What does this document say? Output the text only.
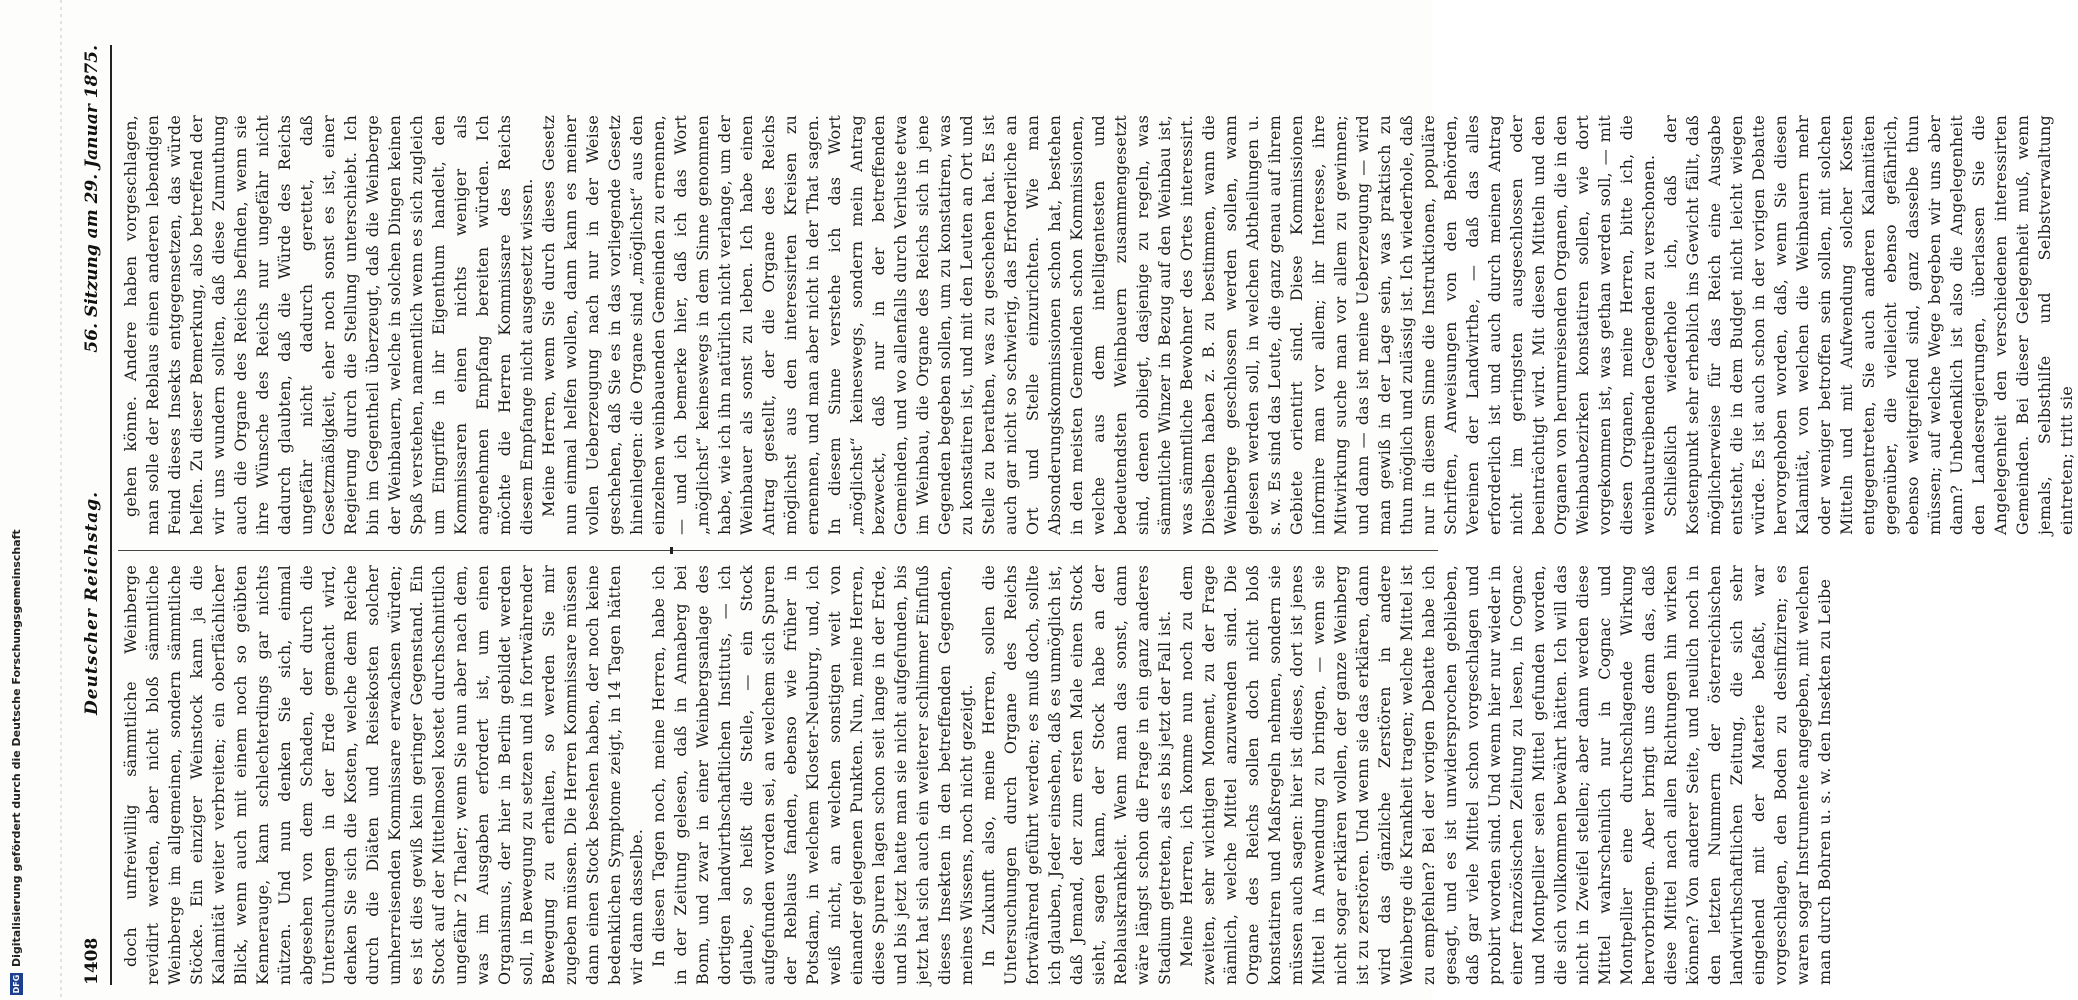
1408
Deutscher Reichstag.
56. Sitzung am 29. Januar 1875.

doch unfreiwillig sämmtliche Weinberge revidirt werden, aber nicht bloß sämmtliche Weinberge im allgemeinen, sondern sämmtliche Stöcke. Ein einziger Weinstock kann ja die Kalamität weiter verbreiten; ein oberflächlicher Blick, wenn auch mit einem noch so geübten Kennerauge, kann schlechterdings gar nichts nützen. Und nun denken Sie sich, einmal abgesehen von dem Schaden, der durch die Untersuchungen in der Erde gemacht wird, denken Sie sich die Kosten, welche dem Reiche durch die Diäten und Reisekosten solcher umherreisenden Kommissare erwachsen würden; es ist dies gewiß kein geringer Gegenstand. Ein Stock auf der Mittelmosel kostet durchschnittlich ungefähr 2 Thaler; wenn Sie nun aber nach dem, was im Ausgaben erfordert ist, um einen Organismus, der hier in Berlin gebildet werden soll, in Bewegung zu setzen und in fortwährender Bewegung zu erhalten, so werden Sie mir zugeben müssen. Die Herren Kommissare müssen dann einen Stock besehen haben, der noch keine bedenklichen Symptome zeigt, in 14 Tagen hätten wir dann dasselbe. In diesen Tagen noch, meine Herren, habe ich in der Zeitung gelesen, daß in Annaberg bei Bonn, und zwar in einer Weinbergsanlage des dortigen landwirthschaftlichen Instituts, — ich glaube, so heißt die Stelle, — ein Stock aufgefunden worden sei, an welchem sich Spuren der Reblaus fanden, ebenso wie früher in Potsdam, in welchem Kloster-Neuburg, und, ich weiß nicht, an welchen sonstigen weit von einander gelegenen Punkten. Nun, meine Herren, diese Spuren lagen schon seit lange in der Erde, und bis jetzt hatte man sie nicht aufgefunden, bis jetzt hat sich auch ein weiterer schlimmer Einfluß dieses Insekten in den betreffenden Gegenden, meines Wissens, noch nicht gezeigt. In Zukunft also, meine Herren, sollen die Untersuchungen durch Organe des Reichs fortwährend geführt werden; es muß doch, sollte ich glauben, Jeder einsehen, daß es unmöglich ist, daß Jemand, der zum ersten Male einen Stock sieht, sagen kann, der Stock habe an der Reblauskrankheit. Wenn man das sonst, dann wäre längst schon die Frage in ein ganz anderes Stadium getreten, als es bis jetzt der Fall ist. Meine Herren, ich komme nun noch zu dem zweiten, sehr wichtigen Moment, zu der Frage nämlich, welche Mittel anzuwenden sind. Die Organe des Reichs sollen doch nicht bloß konstatiren und Maßregeln nehmen, sondern sie müssen auch sagen: hier ist dieses, dort ist jenes Mittel in Anwendung zu bringen, — wenn sie nicht sogar erklären wollen, der ganze Weinberg ist zu zerstören. Und wenn sie das erklären, dann wird das gänzliche Zerstören in andere Weinberge die Krankheit tragen; welche Mittel ist zu empfehlen? Bei der vorigen Debatte habe ich gesagt, und es ist unwidersprochen geblieben, daß gar viele Mittel schon vorgeschlagen und probirt worden sind. Und wenn hier nur wieder in einer französischen Zeitung zu lesen, in Cognac und Montpellier seien Mittel gefunden worden, die sich vollkommen bewährt hätten. Ich will das nicht in Zweifel stellen; aber dann werden diese Mittel wahrscheinlich nur in Cognac und Montpellier eine durchschlagende Wirkung hervorbringen. Aber bringt uns denn das, daß diese Mittel nach allen Richtungen hin wirken können? Von anderer Seite, und neulich noch in den letzten Nummern der österreichischen landwirthschaftlichen Zeitung, die sich sehr eingehend mit der Materie befaßt, war vorgeschlagen, den Boden zu desinfiziren; es waren sogar Instrumente angegeben, mit welchen man durch Bohren u. s. w. den Insekten zu Leibe

gehen könne. Andere haben vorgeschlagen, man solle der Reblaus einen anderen lebendigen Feind dieses Insekts entgegensetzen, das würde helfen. Zu dieser Bemerkung, also betreffend der wir uns wundern sollten, daß diese Zumuthung auch die Organe des Reichs befinden, wenn sie ihre Wünsche des Reichs nur ungefähr nicht dadurch glaubten, daß die Würde des Reichs ungefähr nicht dadurch gerettet, daß Gesetzmäßigkeit, eher noch sonst es ist, einer Regierung durch die Stellung unterschiebt. Ich bin im Gegentheil überzeugt, daß die Weinberge der Weinbauern, welche in solchen Dingen keinen Spaß verstehen, namentlich wenn es sich zugleich um Eingriffe in ihr Eigenthum handelt, den Kommissaren einen nichts weniger als angenehmen Empfang bereiten würden. Ich möchte die Herren Kommissare des Reichs diesem Empfange nicht ausgesetzt wissen. Meine Herren, wenn Sie durch dieses Gesetz nun einmal helfen wollen, dann kann es meiner vollen Ueberzeugung nach nur in der Weise geschehen, daß Sie es in das vorliegende Gesetz hineinlegen: die Organe sind „möglichst“ aus den einzelnen weinbauenden Gemeinden zu ernennen, — und ich bemerke hier, daß ich das Wort „möglichst“ keineswegs in dem Sinne genommen habe, wie ich ihn natürlich nicht verlange, um der Weinbauer als sonst zu leben. Ich habe einen Antrag gestellt, der die Organe des Reichs möglichst aus den interessirten Kreisen zu ernennen, und man aber nicht in der That sagen. In diesem Sinne verstehe ich das Wort „möglichst“ keineswegs, sondern mein Antrag bezweckt, daß nur in der betreffenden Gemeinden, und wo allenfalls durch Verluste etwa im Weinbau, die Organe des Reichs sich in jene Gegenden begeben sollen, um zu konstatiren, was zu konstatiren ist, und mit den Leuten an Ort und Stelle zu berathen, was zu geschehen hat. Es ist auch gar nicht so schwierig, das Erforderliche an Ort und Stelle einzurichten. Wie man Absonderungskommissionen schon hat, bestehen in den meisten Gemeinden schon Kommissionen, welche aus dem intelligentesten und bedeutendsten Weinbauern zusammengesetzt sind, denen obliegt, dasjenige zu regeln, was sämmtliche Winzer in Bezug auf den Weinbau ist, was sämmtliche Bewohner des Ortes interessirt. Dieselben haben z. B. zu bestimmen, wann die Weinberge geschlossen werden sollen, wann gelesen werden soll, in welchen Abtheilungen u. s. w. Es sind das Leute, die ganz genau auf ihrem Gebiete orientirt sind. Diese Kommissionen informire man vor allem; ihr Interesse, ihre Mitwirkung suche man vor allem zu gewinnen; und dann — das ist meine Ueberzeugung — wird man gewiß in der Lage sein, was praktisch zu thun möglich und zulässig ist. Ich wiederhole, daß nur in diesem Sinne die Instruktionen, populäre Schriften, Anweisungen von den Behörden, Vereinen der Landwirthe, — daß das alles erforderlich ist und auch durch meinen Antrag nicht im geringsten ausgeschlossen oder beeinträchtigt wird. Mit diesen Mitteln und den Organen von herumreisenden Organen, die in den Weinbaubezirken konstatiren sollen, wie dort vorgekommen ist, was gethan werden soll, — mit diesen Organen, meine Herren, bitte ich, die weinbautreibenden Gegenden zu verschonen. Schließlich wiederhole ich, daß der Kostenpunkt sehr erheblich ins Gewicht fällt, daß möglicherweise für das Reich eine Ausgabe entsteht, die in dem Budget nicht leicht wiegen würde. Es ist auch schon in der vorigen Debatte hervorgehoben worden, daß, wenn Sie diesen Kalamität, von welchen die Weinbauern mehr oder weniger betroffen sein sollen, mit solchen Mitteln und mit Aufwendung solcher Kosten entgegentreten, Sie auch anderen Kalamitäten gegenüber, die vielleicht ebenso gefährlich, ebenso weitgreifend sind, ganz dasselbe thun müssen; auf welche Wege begeben wir uns aber dann? Unbedenklich ist also die Angelegenheit den Landesregierungen, überlassen Sie die Angelegenheit den verschiedenen interessirten Gemeinden. Bei dieser Gelegenheit muß, wenn jemals, Selbsthilfe und Selbstverwaltung eintreten; tritt sie

DFG
Digitalisierung gefördert durch die Deutsche Forschungsgemeinschaft
